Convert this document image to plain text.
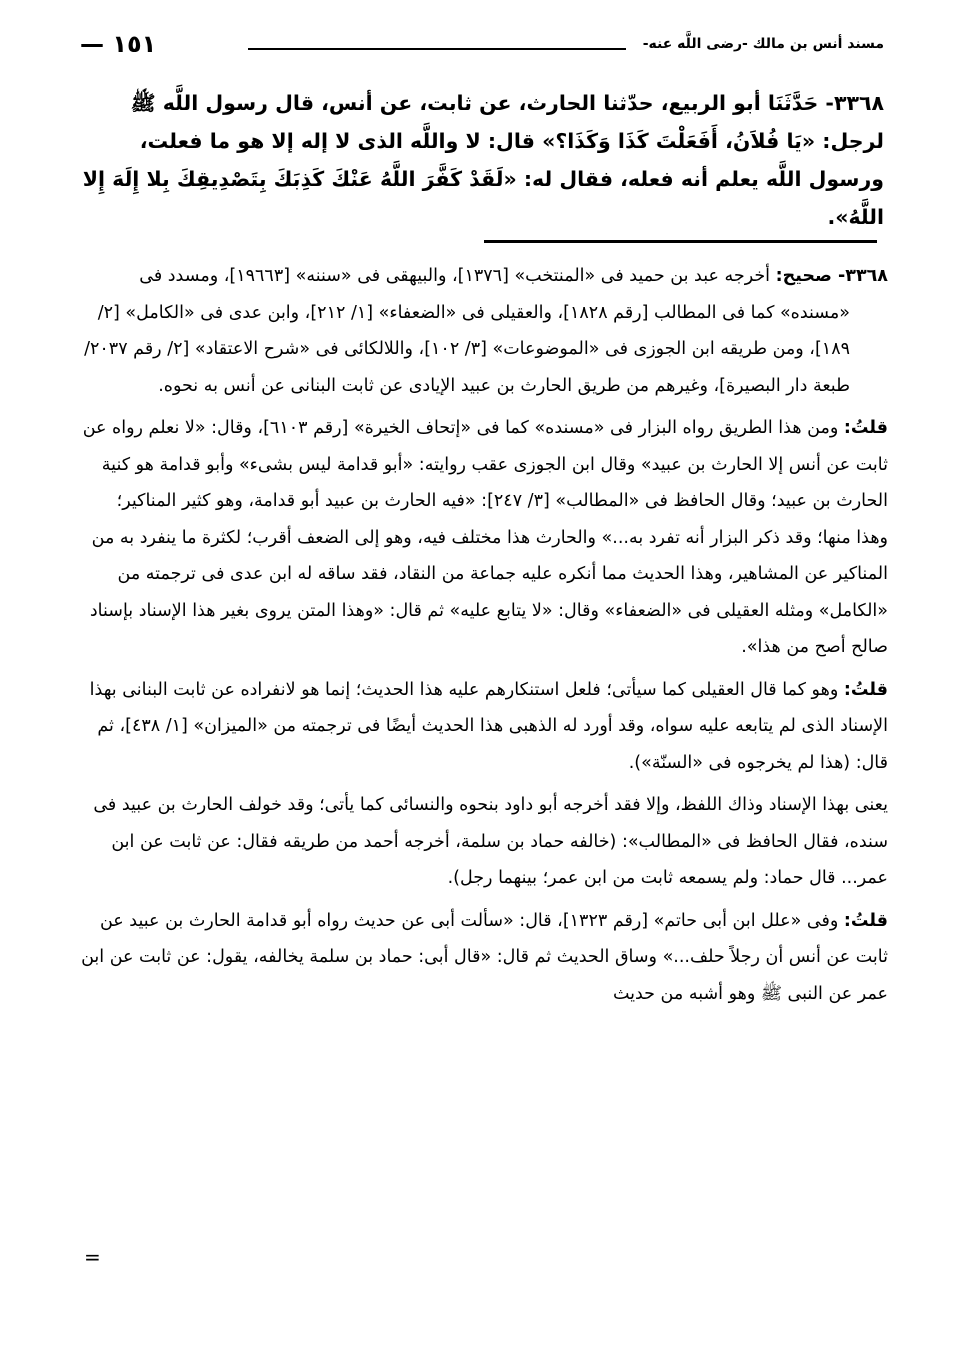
مسند أنس بن مالك -رضى اللَّه عنه-
١٥١ —
٣٣٦٨- حَدَّثَنَا أبو الربيع، حدّثنا الحارث، عن ثابت، عن أنس، قال رسول اللَّه ﷺ لرجل: «يَا فُلاَنُ، أَفَعَلْتَ كَذَا وَكَذَا؟» قال: لا واللَّه الذى لا إله إلا هو ما فعلت، ورسول اللَّه يعلم أنه فعله، فقال له: «لَقَدْ كَفَّرَ اللَّهُ عَنْكَ كَذِبَكَ بِتَصْدِيقِكَ بِلا إِلَهَ إِلا اللَّهُ».

٣٣٦٨- صحيح: أخرجه عبد بن حميد فى «المنتخب» [١٣٧٦]، والبيهقى فى «سننه» [١٩٦٦٣]، ومسدد فى «مسنده» كما فى المطالب [رقم ١٨٢٨]، والعقيلى فى «الضعفاء» [١/ ٢١٢]، وابن عدى فى «الكامل» [٢/ ١٨٩]، ومن طريقه ابن الجوزى فى «الموضوعات» [٣/ ١٠٢]، واللالكائى فى «شرح الاعتقاد» [٢/ رقم ٢٠٣٧/ طبعة دار البصيرة]، وغيرهم من طريق الحارث بن عبيد الإيادى عن ثابت البنانى عن أنس به نحوه.

قلتُ: ومن هذا الطريق رواه البزار فى «مسنده» كما فى «إتحاف الخيرة» [رقم ٦١٠٣]، وقال: «لا نعلم رواه عن ثابت عن أنس إلا الحارث بن عبيد» وقال ابن الجوزى عقب روايته: «أبو قدامة ليس بشىء» وأبو قدامة هو كنية الحارث بن عبيد؛ وقال الحافظ فى «المطالب» [٣/ ٢٤٧]: «فيه الحارث بن عبيد أبو قدامة، وهو كثير المناكير؛ وهذا منها؛ وقد ذكر البزار أنه تفرد به...» والحارث هذا مختلف فيه، وهو إلى الضعف أقرب؛ لكثرة ما ينفرد به من المناكير عن المشاهير، وهذا الحديث مما أنكره عليه جماعة من النقاد، فقد ساقه له ابن عدى فى ترجمته من «الكامل» ومثله العقيلى فى «الضعفاء» وقال: «لا يتابع عليه» ثم قال: «وهذا المتن يروى بغير هذا الإسناد بإسناد صالح أصح من هذا».

قلتُ: وهو كما قال العقيلى كما سيأتى؛ فلعل استنكارهم عليه هذا الحديث؛ إنما هو لانفراده عن ثابت البنانى بهذا الإسناد الذى لم يتابعه عليه سواه، وقد أورد له الذهبى هذا الحديث أيضًا فى ترجمته من «الميزان» [١/ ٤٣٨]، ثم قال: (هذا لم يخرجوه فى «السنّة»).

يعنى بهذا الإسناد وذاك اللفظ، وإلا فقد أخرجه أبو داود بنحوه والنسائى كما يأتى؛ وقد خولف الحارث بن عبيد فى سنده، فقال الحافظ فى «المطالب»: (خالفه حماد بن سلمة، أخرجه أحمد من طريقه فقال: عن ثابت عن ابن عمر... قال حماد: ولم يسمعه ثابت من ابن عمر؛ بينهما رجل).

قلتُ: وفى «علل ابن أبى حاتم» [رقم ١٣٢٣]، قال: «سألت أبى عن حديث رواه أبو قدامة الحارث بن عبيد عن ثابت عن أنس أن رجلاً حلف...» وساق الحديث ثم قال: «قال أبى: حماد بن سلمة يخالفه، يقول: عن ثابت عن ابن عمر عن النبى ﷺ وهو أشبه من حديث

=
